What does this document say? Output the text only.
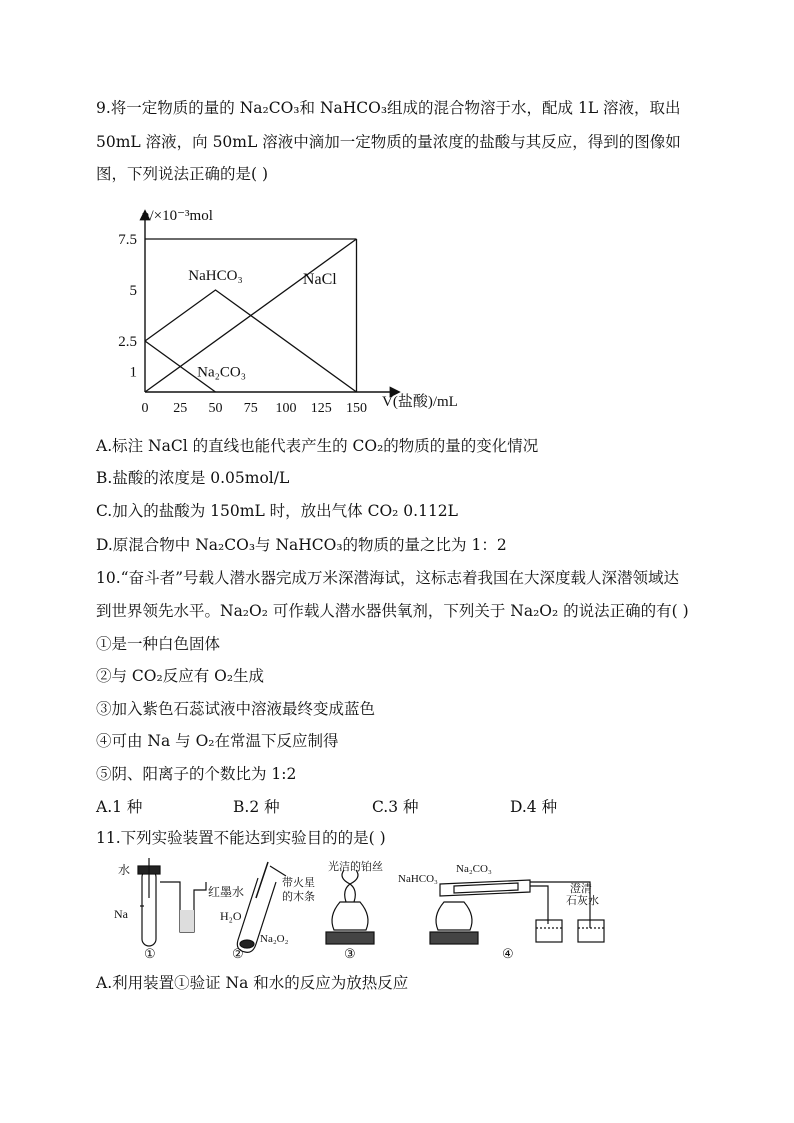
9.将一定物质的量的 Na₂CO₃和 NaHCO₃组成的混合物溶于水，配成 1L 溶液，取出
50mL 溶液，向 50mL 溶液中滴加一定物质的量浓度的盐酸与其反应，得到的图像如
图，下列说法正确的是( )
n/×10⁻³mol
V(盐酸)/mL
0 25 50 75 100 125 150
1
2.5
5
7.5
NaHCO₃	NaCl
Na₂CO₃
A.标注 NaCl 的直线也能代表产生的 CO₂的物质的量的变化情况
B.盐酸的浓度是 0.05mol/L
C.加入的盐酸为 150mL 时，放出气体 CO₂ 0.112L
D.原混合物中 Na₂CO₃与 NaHCO₃的物质的量之比为 1：2
10.“奋斗者”号载人潜水器完成万米深潜海试，这标志着我国在大深度载人深潜领域达
到世界领先水平。Na₂O₂ 可作载人潜水器供氧剂，下列关于 Na₂O₂ 的说法正确的有( )
①是一种白色固体
②与 CO₂反应有 O₂生成
③加入紫色石蕊试液中溶液最终变成蓝色
④可由 Na 与 O₂在常温下反应制得
⑤阴、阳离子的个数比为 1:2
A.1 种	B.2 种	C.3 种	D.4 种
11.下列实验装置不能达到实验目的的是( )
水
Na
红墨水
①
H₂O
带火星
的木条
Na₂O₂
②
光洁的铂丝
③
NaHCO₃
Na₂CO₃
澄清
石灰水
④
A.利用装置①验证 Na 和水的反应为放热反应
